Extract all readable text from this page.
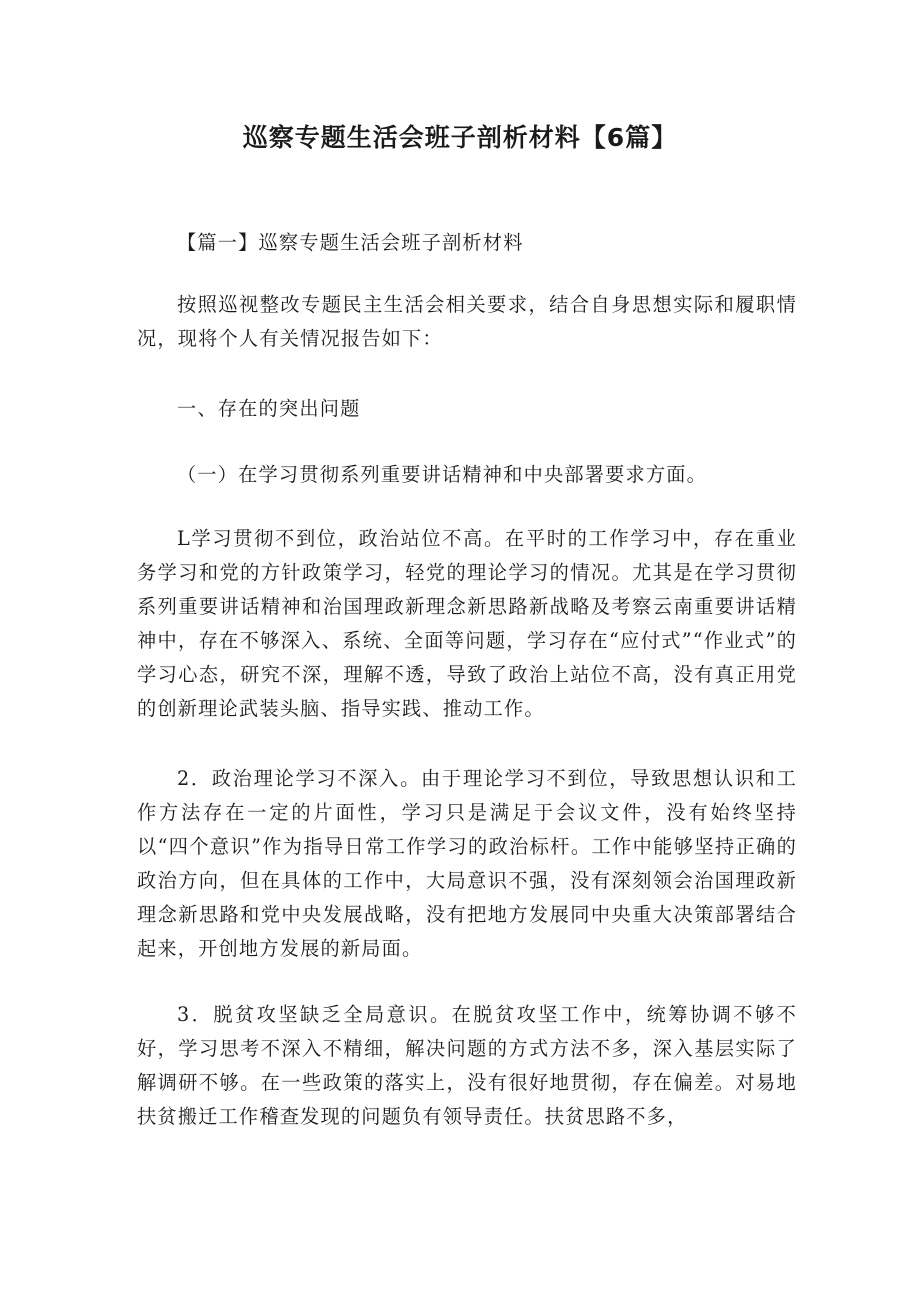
巡察专题生活会班子剖析材料【6篇】

【篇一】巡察专题生活会班子剖析材料

按照巡视整改专题民主生活会相关要求，结合自身思想实际和履职情况，现将个人有关情况报告如下：

一、存在的突出问题

（一）在学习贯彻系列重要讲话精神和中央部署要求方面。

L学习贯彻不到位，政治站位不高。在平时的工作学习中，存在重业务学习和党的方针政策学习，轻党的理论学习的情况。尤其是在学习贯彻系列重要讲话精神和治国理政新理念新思路新战略及考察云南重要讲话精神中，存在不够深入、系统、全面等问题，学习存在“应付式”“作业式”的学习心态，研究不深，理解不透，导致了政治上站位不高，没有真正用党的创新理论武装头脑、指导实践、推动工作。

2．政治理论学习不深入。由于理论学习不到位，导致思想认识和工作方法存在一定的片面性，学习只是满足于会议文件，没有始终坚持以“四个意识”作为指导日常工作学习的政治标杆。工作中能够坚持正确的政治方向，但在具体的工作中，大局意识不强，没有深刻领会治国理政新理念新思路和党中央发展战略，没有把地方发展同中央重大决策部署结合起来，开创地方发展的新局面。

3．脱贫攻坚缺乏全局意识。在脱贫攻坚工作中，统筹协调不够不好，学习思考不深入不精细，解决问题的方式方法不多，深入基层实际了解调研不够。在一些政策的落实上，没有很好地贯彻，存在偏差。对易地扶贫搬迁工作稽查发现的问题负有领导责任。扶贫思路不多，
